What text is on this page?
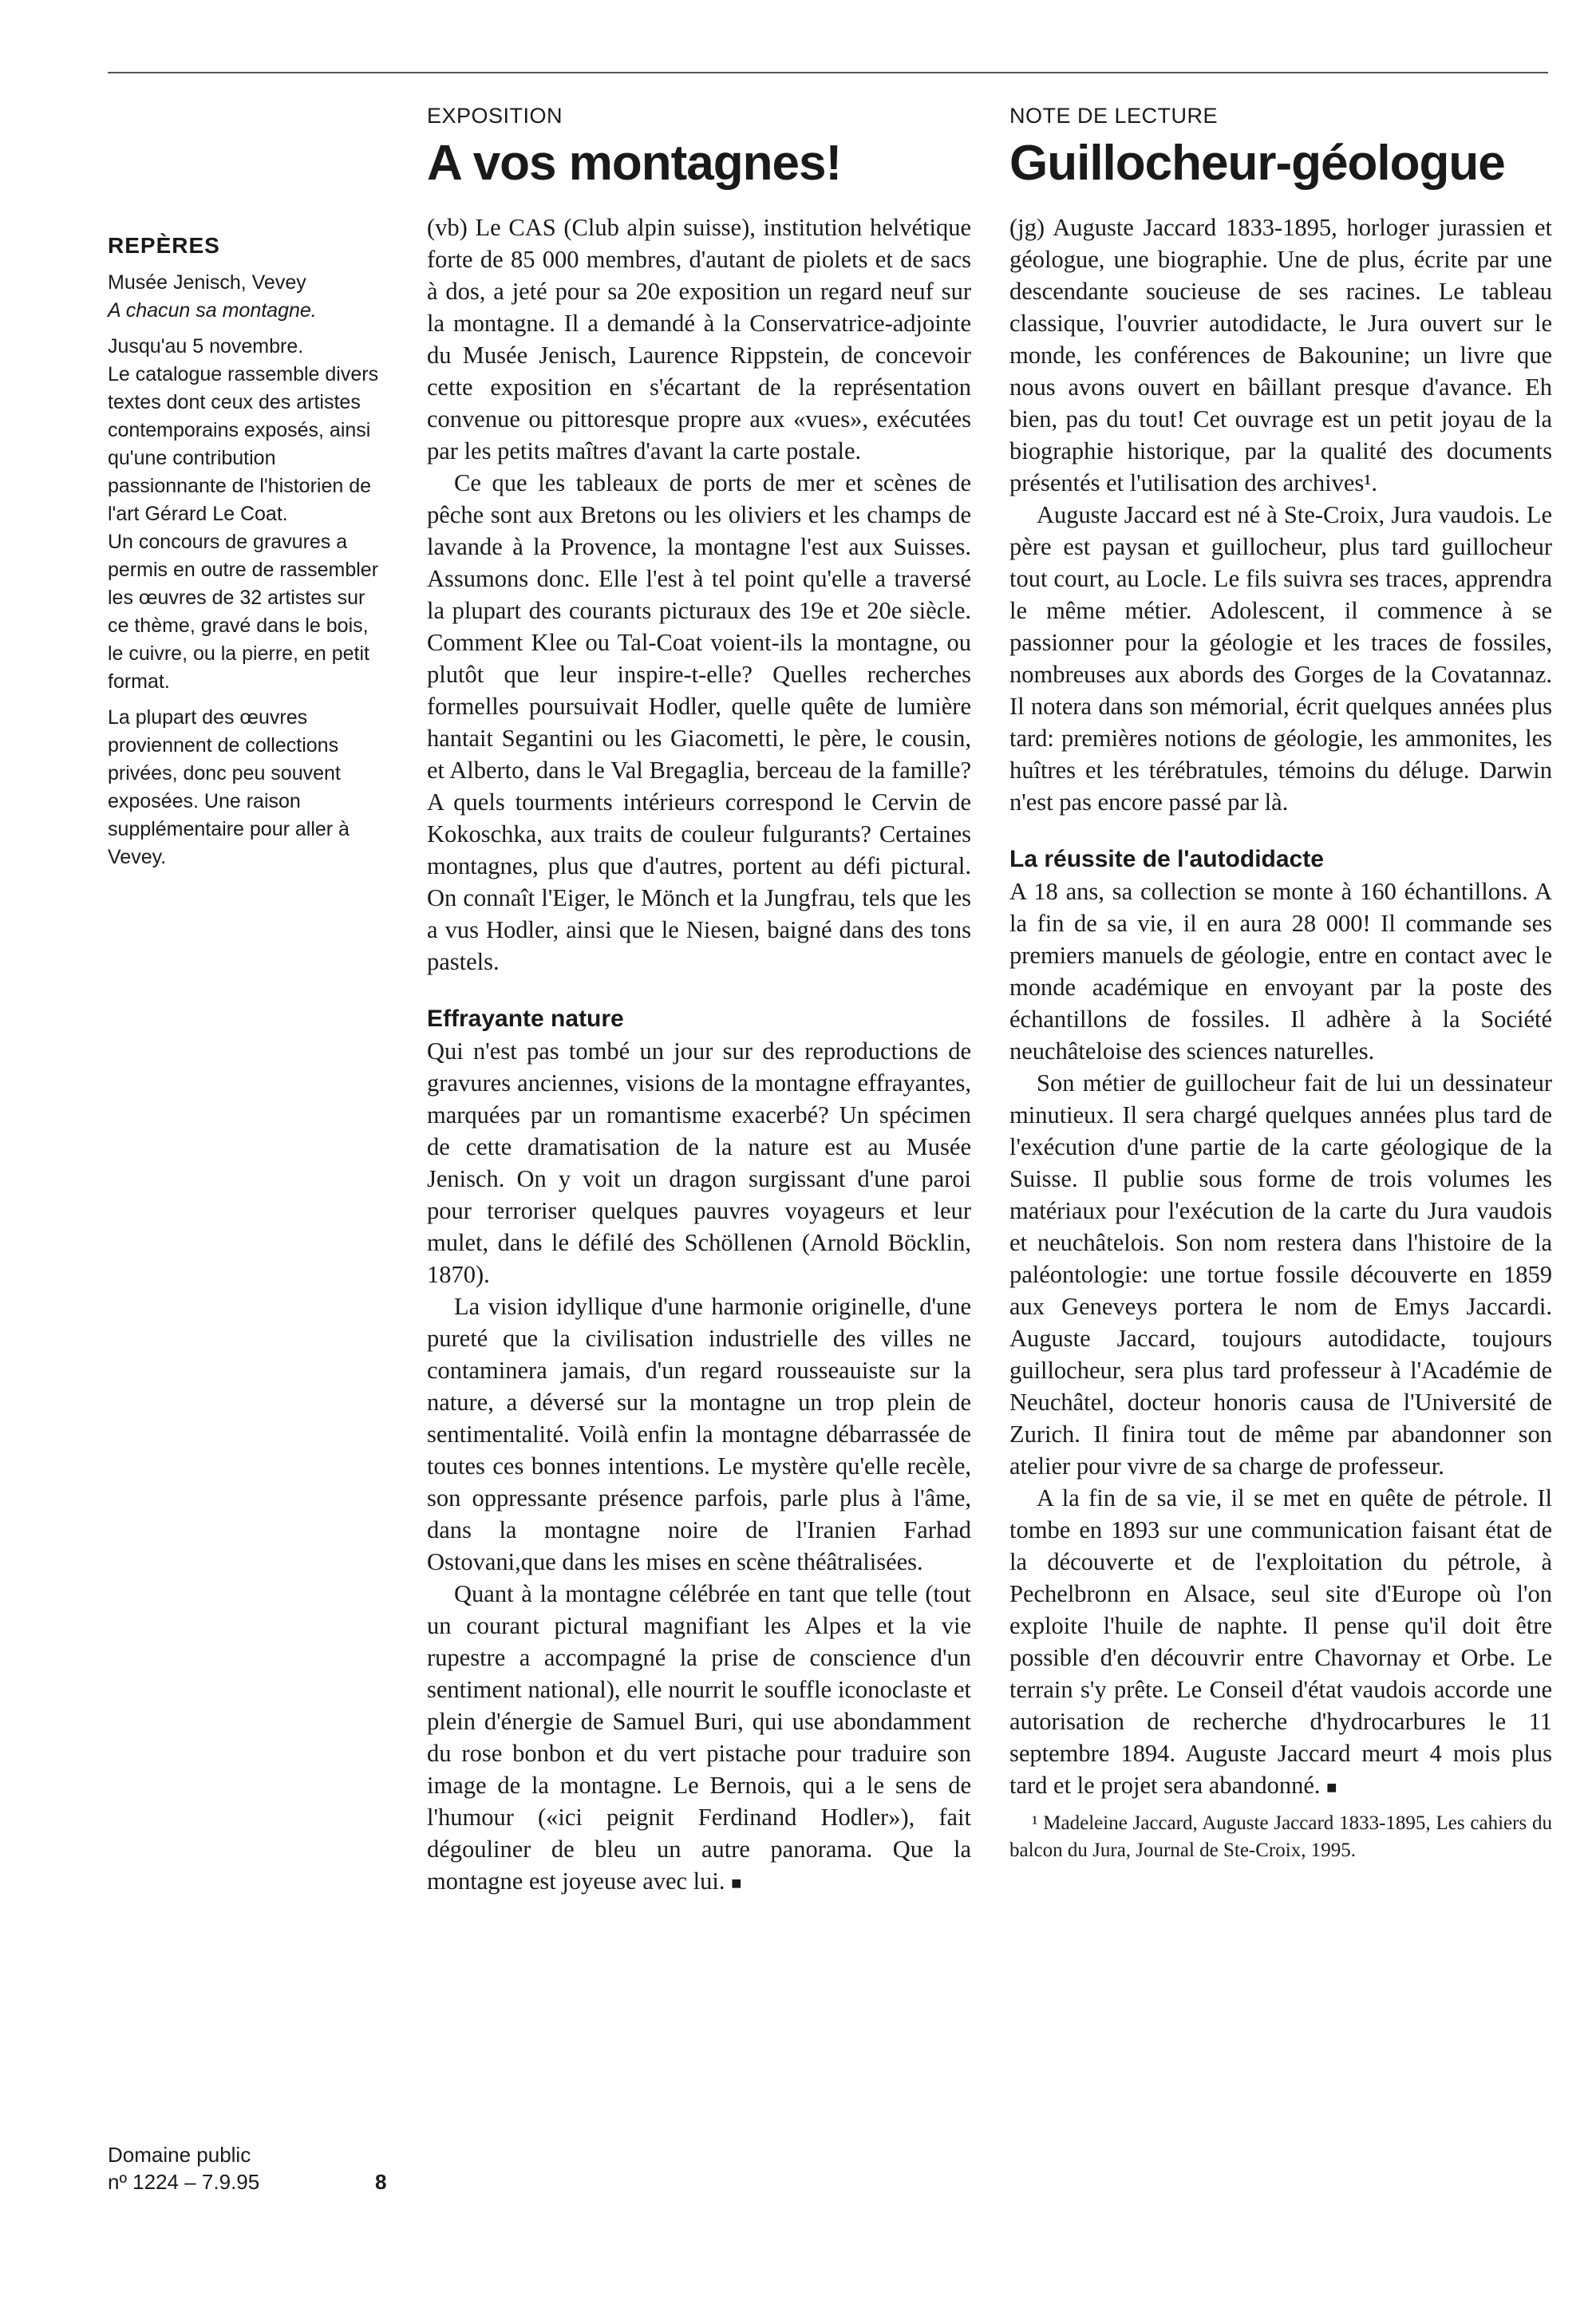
REPÈRES

Musée Jenisch, Vevey
A chacun sa montagne.

Jusqu'au 5 novembre.
Le catalogue rassemble divers textes dont ceux des artistes contemporains exposés, ainsi qu'une contribution passionnante de l'historien de l'art Gérard Le Coat.
Un concours de gravures a permis en outre de rassembler les œuvres de 32 artistes sur ce thème, gravé dans le bois, le cuivre, ou la pierre, en petit format.

La plupart des œuvres proviennent de collections privées, donc peu souvent exposées. Une raison supplémentaire pour aller à Vevey.

Domaine public
nº 1224 – 7.9.95	8
EXPOSITION
A vos montagnes!

(vb) Le CAS (Club alpin suisse), institution helvétique forte de 85 000 membres, d'autant de piolets et de sacs à dos, a jeté pour sa 20e exposition un regard neuf sur la montagne. Il a demandé à la Conservatrice-adjointe du Musée Jenisch, Laurence Rippstein, de concevoir cette exposition en s'écartant de la représentation convenue ou pittoresque propre aux «vues», exécutées par les petits maîtres d'avant la carte postale.

Ce que les tableaux de ports de mer et scènes de pêche sont aux Bretons ou les oliviers et les champs de lavande à la Provence, la montagne l'est aux Suisses. Assumons donc. Elle l'est à tel point qu'elle a traversé la plupart des courants picturaux des 19e et 20e siècle. Comment Klee ou Tal-Coat voient-ils la montagne, ou plutôt que leur inspire-t-elle? Quelles recherches formelles poursuivait Hodler, quelle quête de lumière hantait Segantini ou les Giacometti, le père, le cousin, et Alberto, dans le Val Bregaglia, berceau de la famille? A quels tourments intérieurs correspond le Cervin de Kokoschka, aux traits de couleur fulgurants? Certaines montagnes, plus que d'autres, portent au défi pictural. On connaît l'Eiger, le Mönch et la Jungfrau, tels que les a vus Hodler, ainsi que le Niesen, baigné dans des tons pastels.

Effrayante nature

Qui n'est pas tombé un jour sur des reproductions de gravures anciennes, visions de la montagne effrayantes, marquées par un romantisme exacerbé? Un spécimen de cette dramatisation de la nature est au Musée Jenisch. On y voit un dragon surgissant d'une paroi pour terroriser quelques pauvres voyageurs et leur mulet, dans le défilé des Schöllenen (Arnold Böcklin, 1870).

La vision idyllique d'une harmonie originelle, d'une pureté que la civilisation industrielle des villes ne contaminera jamais, d'un regard rousseauiste sur la nature, a déversé sur la montagne un trop plein de sentimentalité. Voilà enfin la montagne débarrassée de toutes ces bonnes intentions. Le mystère qu'elle recèle, son oppressante présence parfois, parle plus à l'âme, dans la montagne noire de l'Iranien Farhad Ostovani,que dans les mises en scène théâtralisées.

Quant à la montagne célébrée en tant que telle (tout un courant pictural magnifiant les Alpes et la vie rupestre a accompagné la prise de conscience d'un sentiment national), elle nourrit le souffle iconoclaste et plein d'énergie de Samuel Buri, qui use abondamment du rose bonbon et du vert pistache pour traduire son image de la montagne. Le Bernois, qui a le sens de l'humour («ici peignit Ferdinand Hodler»), fait dégouliner de bleu un autre panorama. Que la montagne est joyeuse avec lui. ■

NOTE DE LECTURE
Guillocheur-géologue

(jg) Auguste Jaccard 1833-1895, horloger jurassien et géologue, une biographie. Une de plus, écrite par une descendante soucieuse de ses racines. Le tableau classique, l'ouvrier autodidacte, le Jura ouvert sur le monde, les conférences de Bakounine; un livre que nous avons ouvert en bâillant presque d'avance. Eh bien, pas du tout! Cet ouvrage est un petit joyau de la biographie historique, par la qualité des documents présentés et l'utilisation des archives¹.

Auguste Jaccard est né à Ste-Croix, Jura vaudois. Le père est paysan et guillocheur, plus tard guillocheur tout court, au Locle. Le fils suivra ses traces, apprendra le même métier. Adolescent, il commence à se passionner pour la géologie et les traces de fossiles, nombreuses aux abords des Gorges de la Covatannaz. Il notera dans son mémorial, écrit quelques années plus tard: premières notions de géologie, les ammonites, les huîtres et les térébratules, témoins du déluge. Darwin n'est pas encore passé par là.

La réussite de l'autodidacte

A 18 ans, sa collection se monte à 160 échantillons. A la fin de sa vie, il en aura 28 000! Il commande ses premiers manuels de géologie, entre en contact avec le monde académique en envoyant par la poste des échantillons de fossiles. Il adhère à la Société neuchâteloise des sciences naturelles.

Son métier de guillocheur fait de lui un dessinateur minutieux. Il sera chargé quelques années plus tard de l'exécution d'une partie de la carte géologique de la Suisse. Il publie sous forme de trois volumes les matériaux pour l'exécution de la carte du Jura vaudois et neuchâtelois. Son nom restera dans l'histoire de la paléontologie: une tortue fossile découverte en 1859 aux Geneveys portera le nom de Emys Jaccardi. Auguste Jaccard, toujours autodidacte, toujours guillocheur, sera plus tard professeur à l'Académie de Neuchâtel, docteur honoris causa de l'Université de Zurich. Il finira tout de même par abandonner son atelier pour vivre de sa charge de professeur.

A la fin de sa vie, il se met en quête de pétrole. Il tombe en 1893 sur une communication faisant état de la découverte et de l'exploitation du pétrole, à Pechelbronn en Alsace, seul site d'Europe où l'on exploite l'huile de naphte. Il pense qu'il doit être possible d'en découvrir entre Chavornay et Orbe. Le terrain s'y prête. Le Conseil d'état vaudois accorde une autorisation de recherche d'hydrocarbures le 11 septembre 1894. Auguste Jaccard meurt 4 mois plus tard et le projet sera abandonné. ■

¹ Madeleine Jaccard, Auguste Jaccard 1833-1895, Les cahiers du balcon du Jura, Journal de Ste-Croix, 1995.
